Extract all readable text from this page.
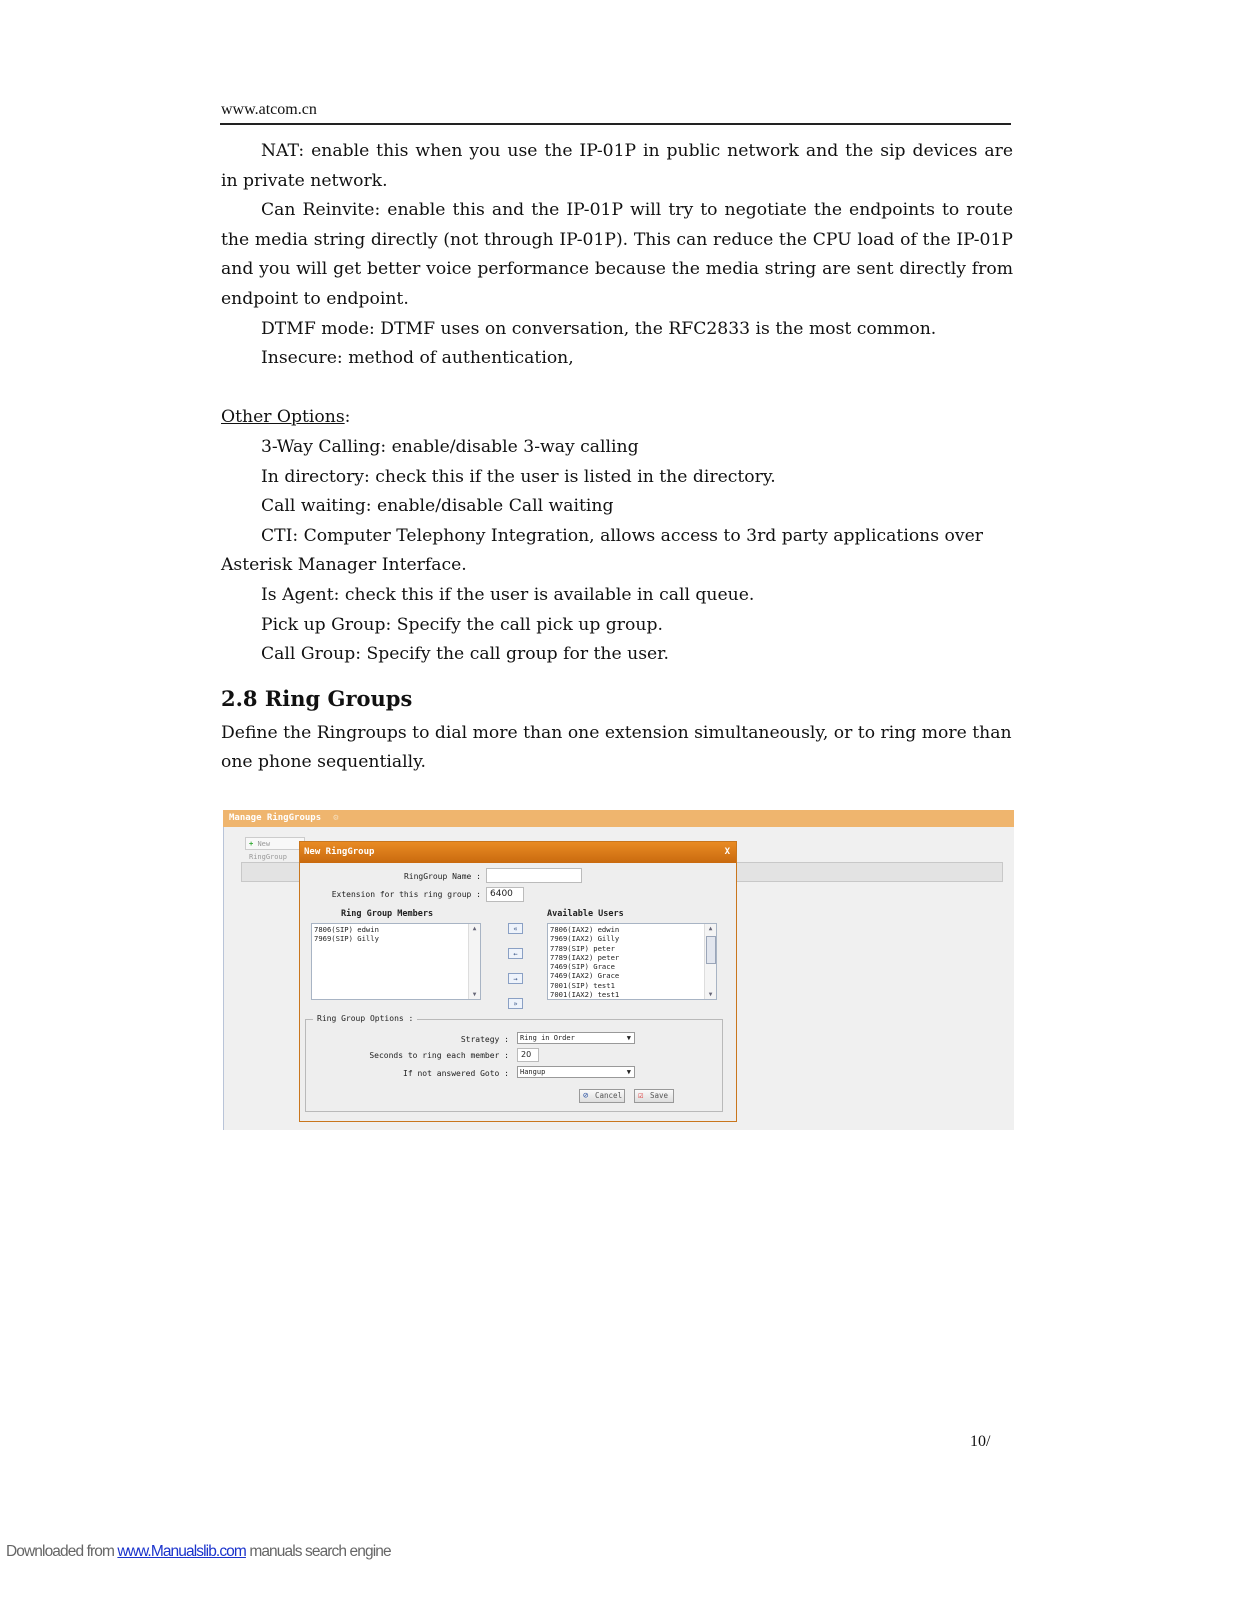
www.atcom.cn

NAT: enable this when you use the IP-01P in public network and the sip devices are in private network.

Can Reinvite: enable this and the IP-01P will try to negotiate the endpoints to route the media string directly (not through IP-01P). This can reduce the CPU load of the IP-01P and you will get better voice performance because the media string are sent directly from endpoint to endpoint.

DTMF mode: DTMF uses on conversation, the RFC2833 is the most common.

Insecure: method of authentication,

Other Options:

3-Way Calling: enable/disable 3-way calling

In directory: check this if the user is listed in the directory.

Call waiting: enable/disable Call waiting

CTI: Computer Telephony Integration, allows access to 3rd party applications over Asterisk Manager Interface.

Is Agent: check this if the user is available in call queue.

Pick up Group: Specify the call pick up group.

Call Group: Specify the call group for the user.

2.8 Ring Groups

Define the Ringroups to dial more than one extension simultaneously, or to ring more than one phone sequentially.

Manage RingGroups ⚙
+ New RingGroup	New RingGroup	X
RingGroup Name :
Extension for this ring group :	6400
Ring Group Members	Available Users
7806(SIP) edwin
7969(SIP) Gilly
▲
▼
«
←
→
»
7806(IAX2) edwin
7969(IAX2) Gilly
7789(SIP) peter
7789(IAX2) peter
7469(SIP) Grace
7469(IAX2) Grace
7001(SIP) test1
7001(IAX2) test1
▲
▼
Ring Group Options :
Strategy :	Ring in Order	▼
Seconds to ring each member :	20
If not answered Goto :	Hangup	▼
⊘ Cancel	☑ Save
10/
Downloaded from www.Manualslib.com manuals search engine
